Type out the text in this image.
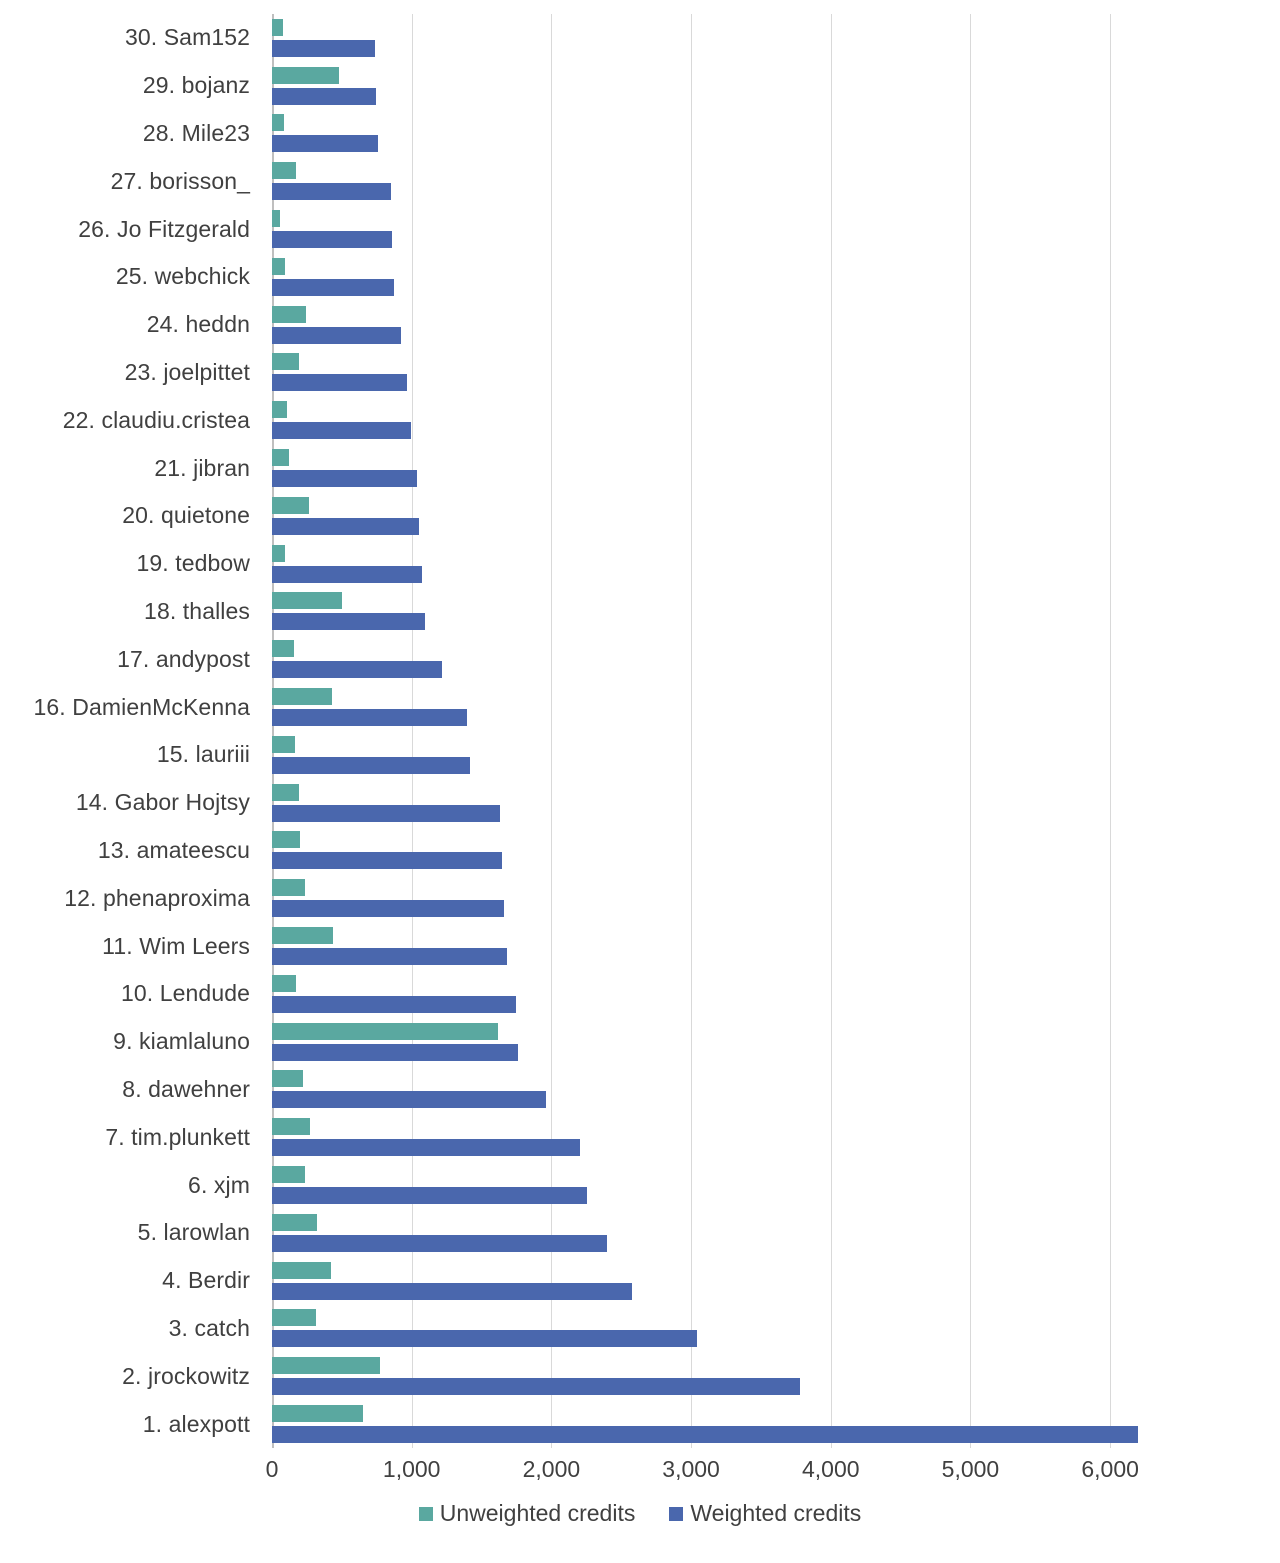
30. Sam152
29. bojanz
28. Mile23
27. borisson_
26. Jo Fitzgerald
25. webchick
24. heddn
23. joelpittet
22. claudiu.cristea
21. jibran
20. quietone
19. tedbow
18. thalles
17. andypost
16. DamienMcKenna
15. lauriii
14. Gabor Hojtsy
13. amateescu
12. phenaproxima
11. Wim Leers
10. Lendude
9. kiamlaluno
8. dawehner
7. tim.plunkett
6. xjm
5. larowlan
4. Berdir
3. catch
2. jrockowitz
1. alexpott
0	1,000	2,000	3,000	4,000	5,000	6,000
Unweighted credits Weighted credits
